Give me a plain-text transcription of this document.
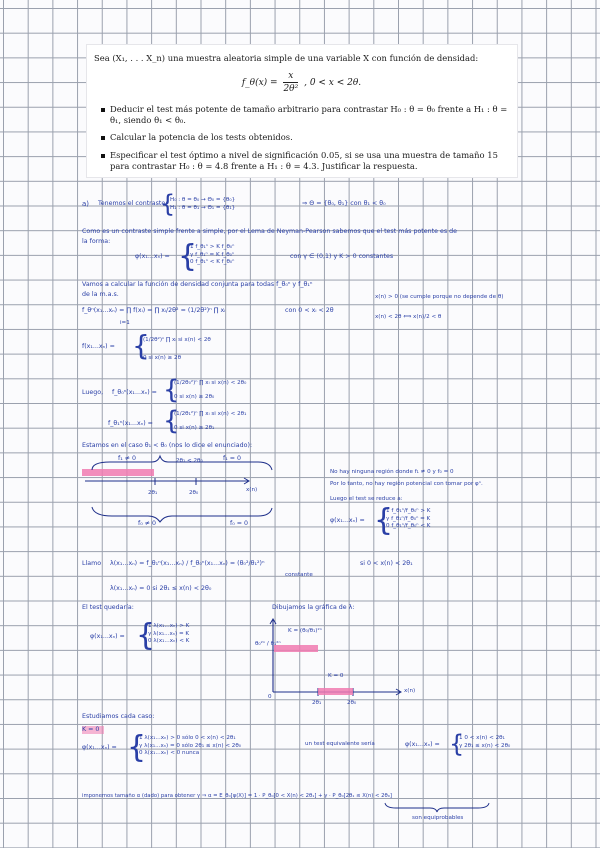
Sea (X₁, . . . X_n) una muestra aleatoria simple de una variable X con función de densidad:

f_θ(x) = $\frac{x}{\text{2θ²}}$ , 0 < x < 2θ.
Deducir el test más potente de tamaño arbitrario para contrastar H₀ : θ = θ₀ frente a H₁ : θ = θ₁, siendo θ₁ < θ₀.
Calcular la potencia de los tests obtenidos.
Especificar el test óptimo a nivel de significación 0.05, si se usa una muestra de tamaño 15 para contrastar H₀ : θ = 4.8 frente a H₁ : θ = 4.3. Justificar la respuesta.
a) Tenemos el contraste:
{
H₀ : θ = θ₀ → Θ₀ = {θ₀}
H₁ : θ = θ₁ → Θ₁ = {θ₁}
⇒ Θ = {θ₀, θ₁} con θ₁ < θ₀
Como es un contraste simple frente a simple, por el Lema de Neyman-Pearson sabemos que el test más potente es de
la forma:
φ(x₁...xₙ) = {
1 f_θ₁ⁿ > K f_θ₀ⁿ
γ f_θ₁ⁿ = K f_θ₀ⁿ
0 f_θ₁ⁿ < K f_θ₀ⁿ
con γ ∈ (0,1) y K > 0 constantes
Vamos a calcular la función de densidad conjunta para todas f_θ₀ⁿ y f_θ₁ⁿ
de la m.a.s.
f_θⁿ(x₁...xₙ) = ∏ f(xᵢ) = ∏ xᵢ/2θ² = (1/2θ²)ⁿ ∏ xᵢ
i=1
con 0 < xᵢ < 2θ
x(n) > 0 (se cumple porque no depende de θ)
x(n) < 2θ ⟺ x(n)/2 < θ
f(x₁...xₙ) = {
(1/2θ²)ⁿ ∏ xᵢ si x(n) < 2θ
0 si x(n) ≥ 2θ
Luego, f_θ₀ⁿ(x₁...xₙ) = {
(1/2θ₀²)ⁿ ∏ xᵢ si x(n) < 2θ₀
0 si x(n) ≥ 2θ₀
f_θ₁ⁿ(x₁...xₙ) = {
(1/2θ₁²)ⁿ ∏ xᵢ si x(n) < 2θ₁
0 si x(n) ≥ 2θ₁
Estamos en el caso θ₁ < θ₀ (nos lo dice el enunciado):
2θ₁ < 2θ₀
f₁ ≠ 0	f₁ = 0
2θ₁	2θ₀	x(n)
f₀ ≠ 0	f₀ = 0
No hay ninguna región donde f₁ ≠ 0 y f₀ = 0
Por lo tanto, no hay región potencial con tomar por φⁿ.
Luego el test se reduce a:
φ(x₁...xₙ) = {
1 f_θ₁ⁿ/f_θ₀ⁿ > K
γ f_θ₁ⁿ/f_θ₀ⁿ = K
0 f_θ₁ⁿ/f_θ₀ⁿ < K
Llamo λ(x₁...xₙ) = f_θ₁ⁿ(x₁...xₙ) / f_θ₀ⁿ(x₁...xₙ) = (θ₀²/θ₁²)ⁿ	si 0 < x(n) < 2θ₁
constante
λ(x₁...xₙ) = 0 si 2θ₁ ≤ x(n) < 2θ₀
El test quedaría:
φ(x₁...xₙ) = {
1 λ(x₁...xₙ) > K
γ λ(x₁...xₙ) = K
0 λ(x₁...xₙ) < K
Dibujamos la gráfica de λ:
θ₀²ⁿ / θ₁²ⁿ
K = (θ₀/θ₁)²ⁿ
K = 0
0
2θ₁	2θ₀
x(n)
Estudiamos cada caso:
K = 0
φ(x₁...xₙ) = {
1 λ(x₁...xₙ) > 0 sólo 0 < x(n) < 2θ₁
γ λ(x₁...xₙ) = 0 sólo 2θ₁ ≤ x(n) < 2θ₀
0 λ(x₁...xₙ) < 0 nunca
un test equivalente sería	φ(x₁...xₙ) = {
1 0 < x(n) < 2θ₁
γ 2θ₁ ≤ x(n) < 2θ₀
imponemos tamaño α (dado) para obtener γ ⇒ α = E_θ₀[φ(X)] = 1 · P_θ₀[0 < X(n) < 2θ₁] + γ · P_θ₀[2θ₁ ≤ X(n) < 2θ₀]
son equiprobables
